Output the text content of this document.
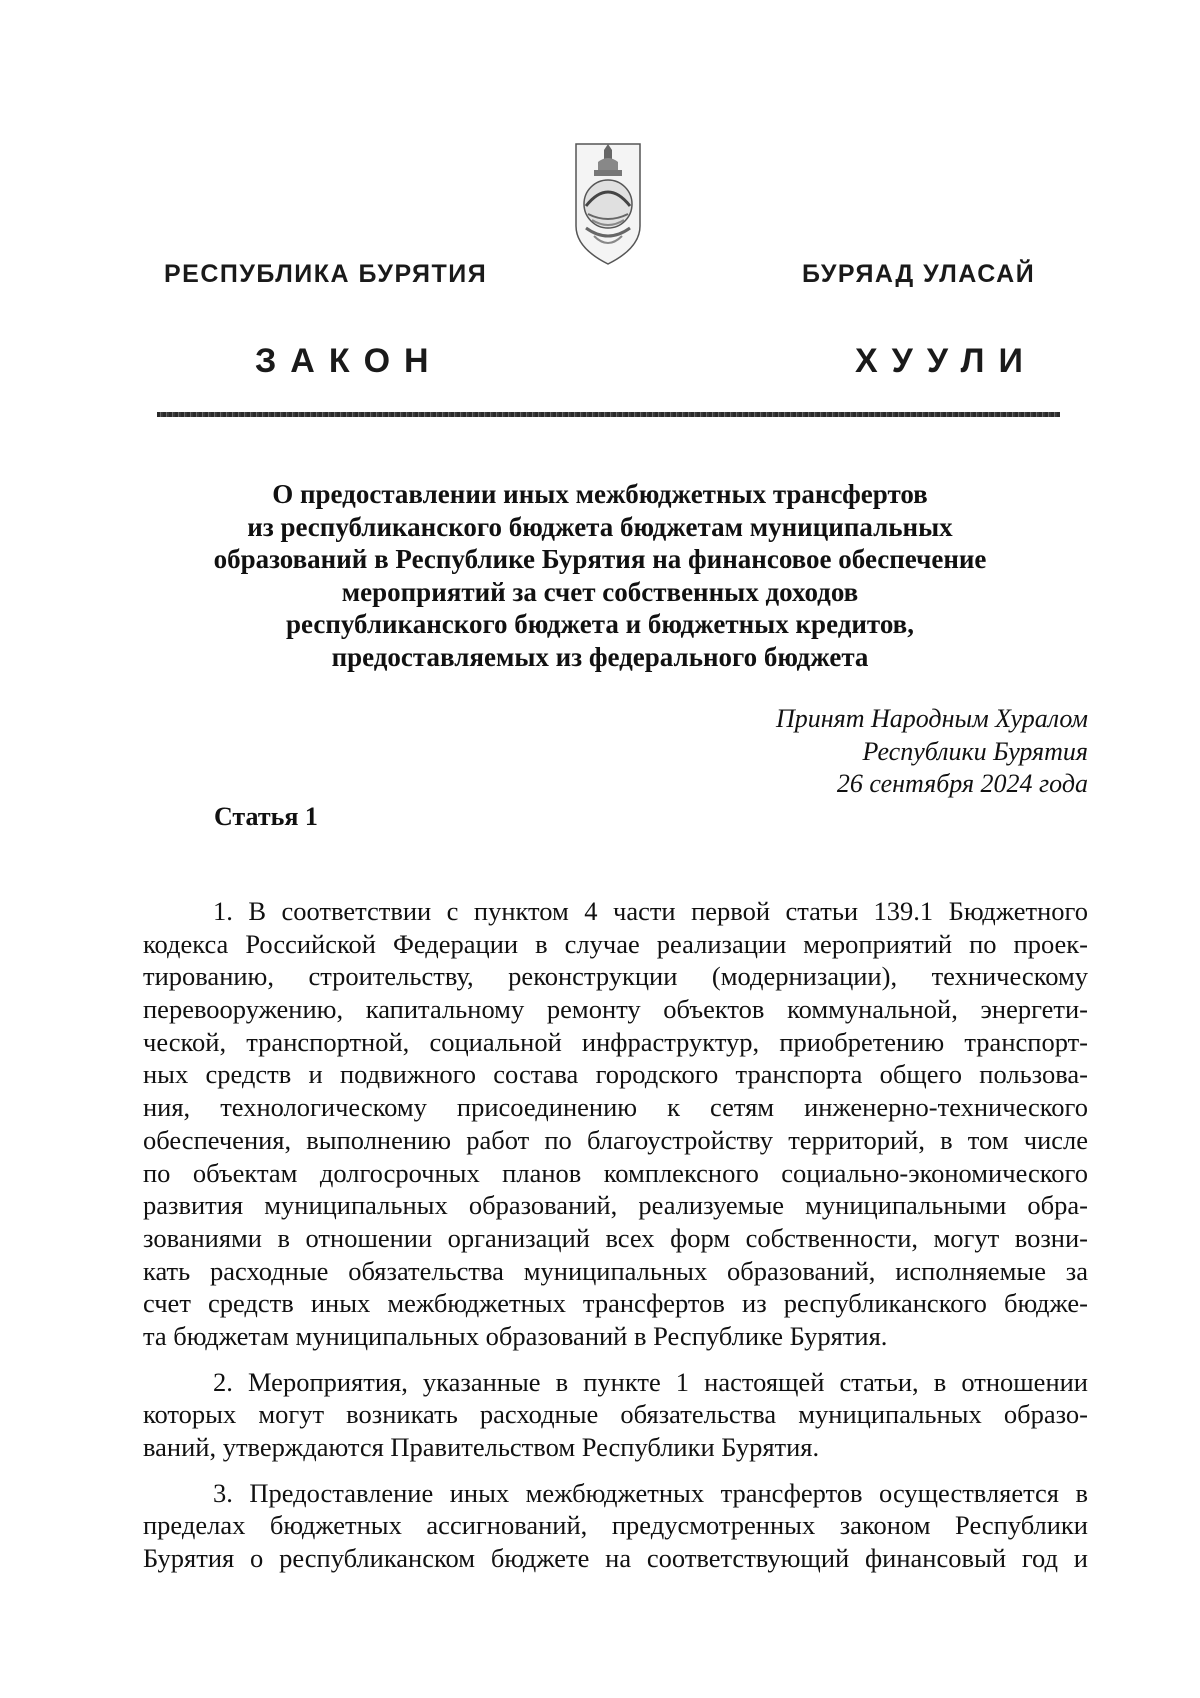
РЕСПУБЛИКА БУРЯТИЯ	БУРЯАД УЛАСАЙ
ЗАКОН	ХУУЛИ
О предоставлении иных межбюджетных трансфертов
из республиканского бюджета бюджетам муниципальных
образований в Республике Бурятия на финансовое обеспечение
мероприятий за счет собственных доходов
республиканского бюджета и бюджетных кредитов,
предоставляемых из федерального бюджета
Принят Народным Хуралом
Республики Бурятия
26 сентября 2024 года
Статья 1
1. В соответствии с пунктом 4 части первой статьи 139.1 Бюджетного
кодекса Российской Федерации в случае реализации мероприятий по проек-
тированию, строительству, реконструкции (модернизации), техническому
перевооружению, капитальному ремонту объектов коммунальной, энергети-
ческой, транспортной, социальной инфраструктур, приобретению транспорт-
ных средств и подвижного состава городского транспорта общего пользова-
ния, технологическому присоединению к сетям инженерно-технического
обеспечения, выполнению работ по благоустройству территорий, в том числе
по объектам долгосрочных планов комплексного социально-экономического
развития муниципальных образований, реализуемые муниципальными обра-
зованиями в отношении организаций всех форм собственности, могут возни-
кать расходные обязательства муниципальных образований, исполняемые за
счет средств иных межбюджетных трансфертов из республиканского бюдже-
та бюджетам муниципальных образований в Республике Бурятия.
2. Мероприятия, указанные в пункте 1 настоящей статьи, в отношении
которых могут возникать расходные обязательства муниципальных образо-
ваний, утверждаются Правительством Республики Бурятия.
3. Предоставление иных межбюджетных трансфертов осуществляется в
пределах бюджетных ассигнований, предусмотренных законом Республики
Бурятия о республиканском бюджете на соответствующий финансовый год и
